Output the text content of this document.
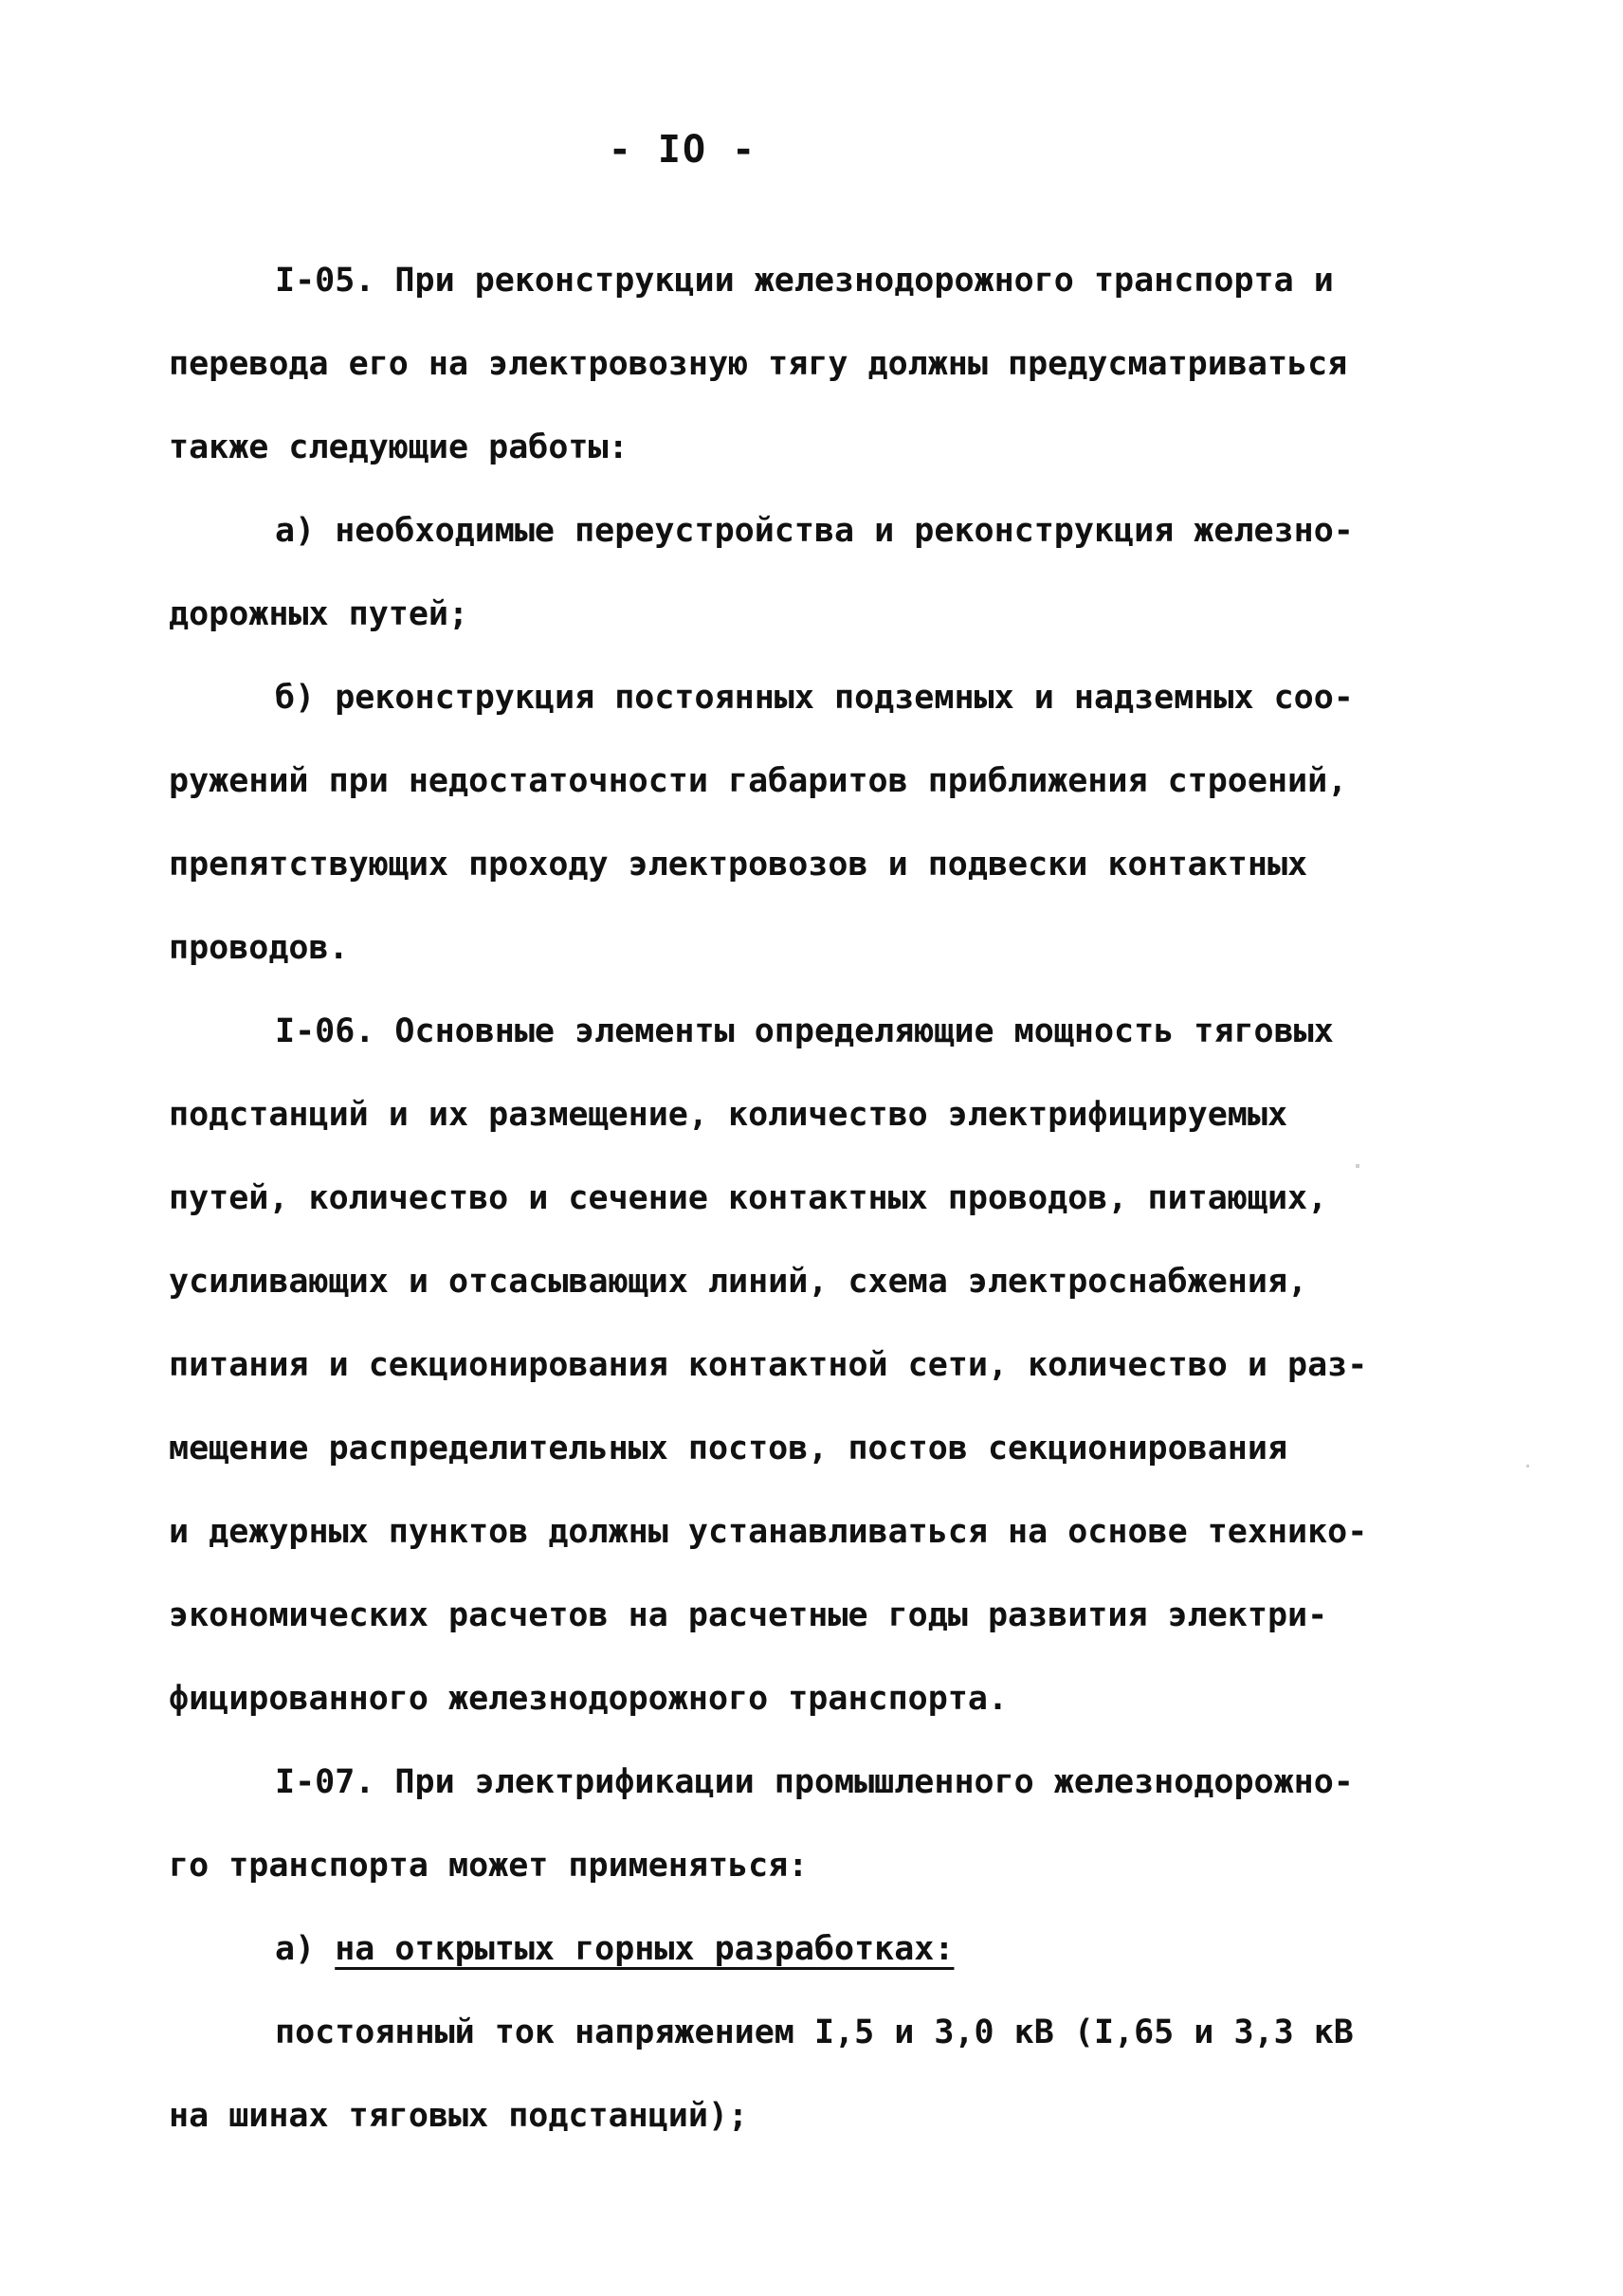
- IO -
I-05. При реконструкции железнодорожного транспорта и
перевода его на электровозную тягу должны предусматриваться
также следующие работы:
а) необходимые переустройства и реконструкция железно-
дорожных путей;
б) реконструкция постоянных подземных и надземных соо-
ружений при недостаточности габаритов приближения строений,
препятствующих проходу электровозов и подвески контактных
проводов.
I-06. Основные элементы определяющие мощность тяговых
подстанций и их размещение, количество электрифицируемых
путей, количество и сечение контактных проводов, питающих,
усиливающих и отсасывающих линий, схема электроснабжения,
питания и секционирования контактной сети, количество и раз-
мещение распределительных постов, постов секционирования
и дежурных пунктов должны устанавливаться на основе технико-
экономических расчетов на расчетные годы развития электри-
фицированного железнодорожного транспорта.
I-07. При электрификации промышленного железнодорожно-
го транспорта может применяться:
а) на открытых горных разработках:
постоянный ток напряжением I,5 и 3,0 кВ (I,65 и 3,3 кВ
на шинах тяговых подстанций);
